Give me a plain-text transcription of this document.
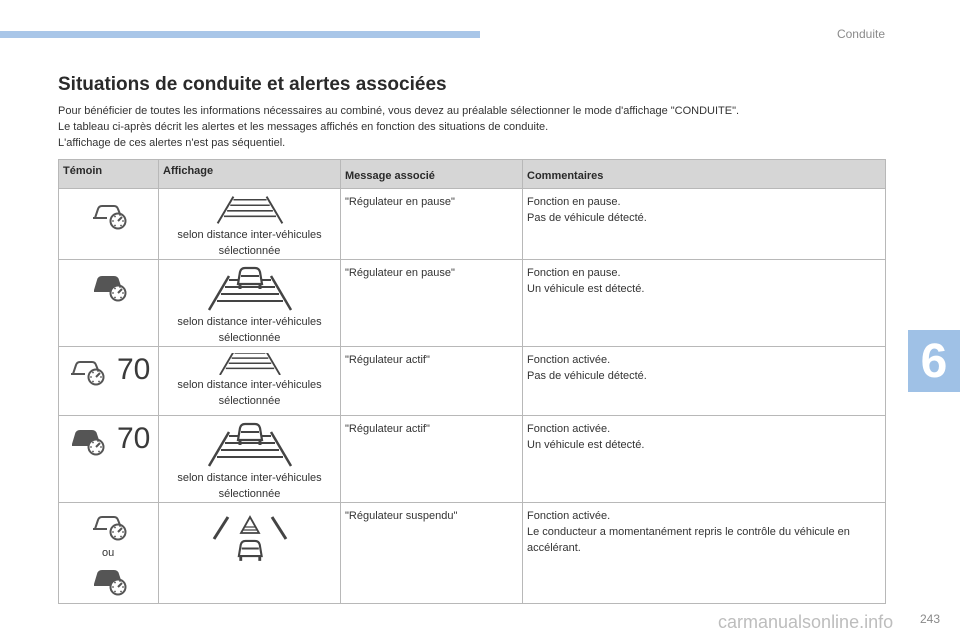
Conduite
6
Situations de conduite et alertes associées
Pour bénéficier de toutes les informations nécessaires au combiné, vous devez au préalable sélectionner le mode d'affichage "CONDUITE".
Le tableau ci-après décrit les alertes et les messages affichés en fonction des situations de conduite.
L'affichage de ces alertes n'est pas séquentiel.
Témoin	Affichage	Message associé	Commentaires

selon distance inter-véhicules sélectionnée	"Régulateur en pause"	Fonction en pause.
Pas de véhicule détecté.

selon distance inter-véhicules sélectionnée	"Régulateur en pause"	Fonction en pause.
Un véhicule est détecté.

70	selon distance inter-véhicules sélectionnée	"Régulateur actif"	Fonction activée.
Pas de véhicule détecté.

70	selon distance inter-véhicules sélectionnée	"Régulateur actif"	Fonction activée.
Un véhicule est détecté.

ou		"Régulateur suspendu"	Fonction activée.
Le conducteur a momentanément repris le contrôle du véhicule en accélérant.
carmanualsonline.info 243
